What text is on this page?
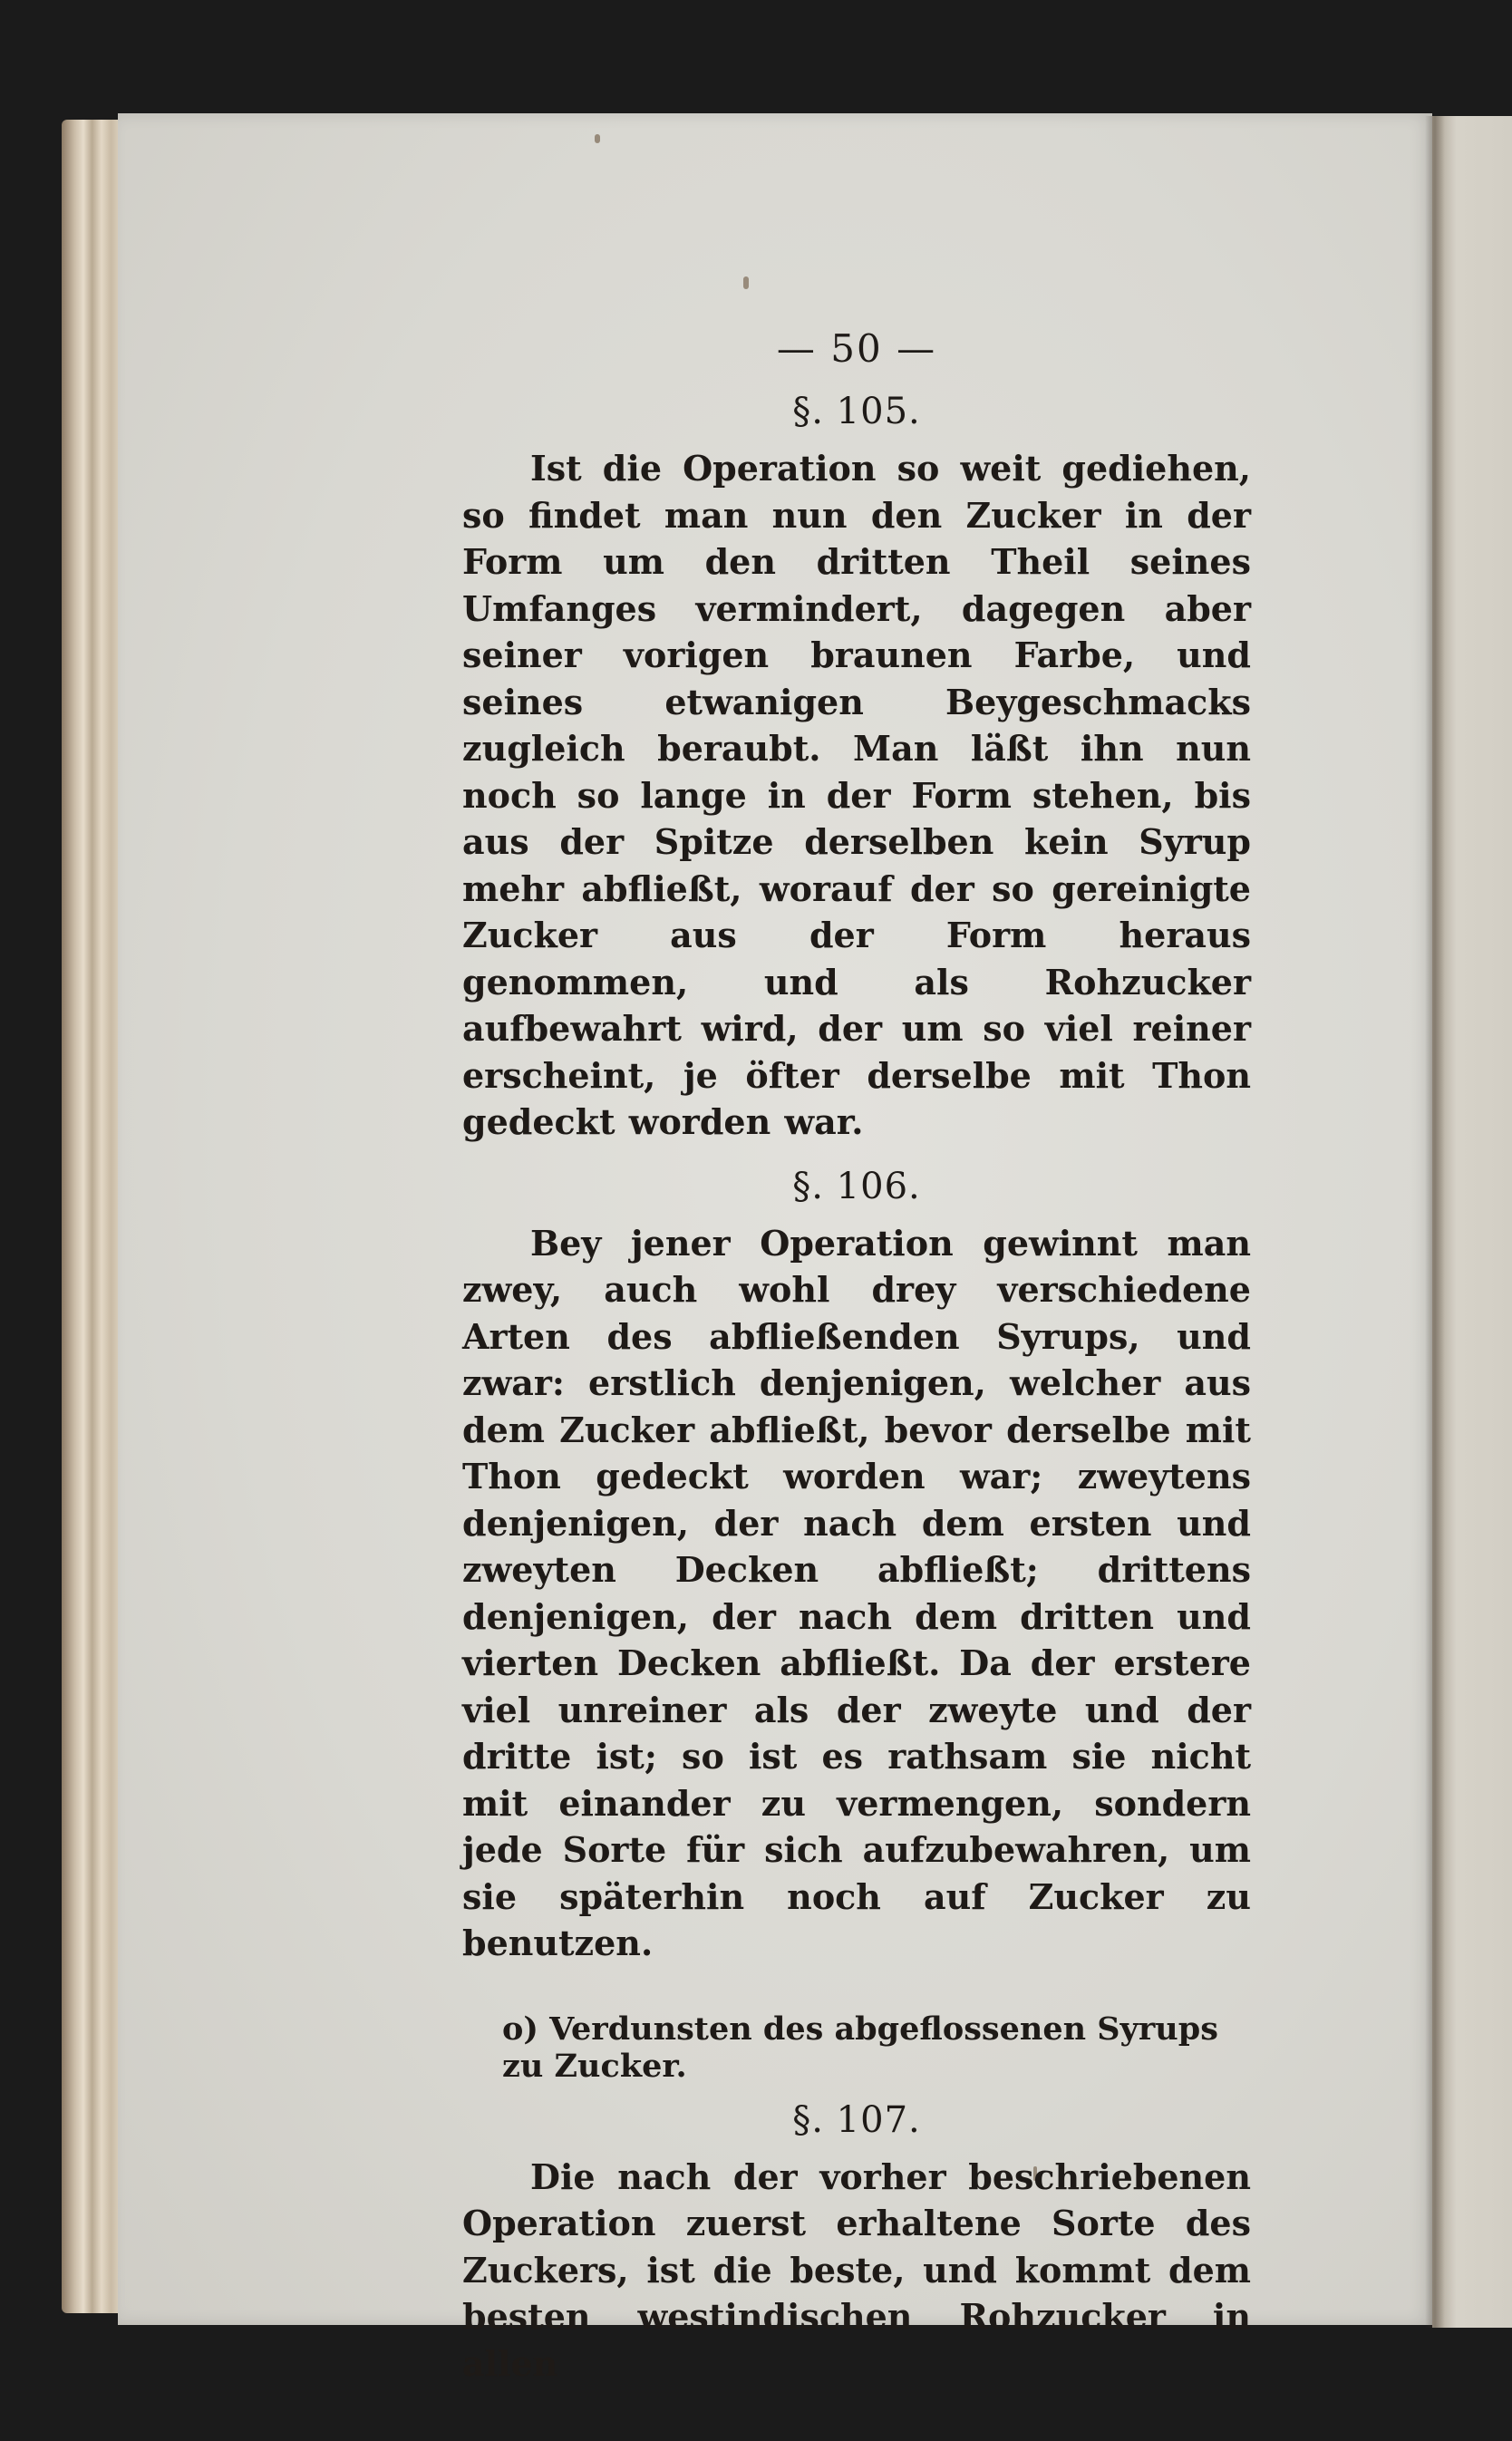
— 50 —
§. 105.

Ist die Operation so weit gediehen, so findet man nun den Zucker in der Form um den dritten Theil seines Umfanges vermindert, dagegen aber seiner vorigen braunen Farbe, und seines etwanigen Beygeschmacks zugleich beraubt. Man läßt ihn nun noch so lange in der Form stehen, bis aus der Spitze derselben kein Syrup mehr abfließt, worauf der so gereinigte Zucker aus der Form heraus genommen, und als Rohzucker aufbewahrt wird, der um so viel reiner erscheint, je öfter derselbe mit Thon gedeckt worden war.

§. 106.

Bey jener Operation gewinnt man zwey, auch wohl drey verschiedene Arten des abfließenden Syrups, und zwar: erstlich denjenigen, welcher aus dem Zucker abfließt, bevor derselbe mit Thon gedeckt worden war; zweytens denjenigen, der nach dem ersten und zweyten Decken abfließt; drittens denjenigen, der nach dem dritten und vierten Decken abfließt. Da der erstere viel unreiner als der zweyte und der dritte ist; so ist es rathsam sie nicht mit einander zu vermengen, sondern jede Sorte für sich aufzubewahren, um sie späterhin noch auf Zucker zu benutzen.

o) Verdunsten des abgeflossenen Syrups zu Zucker.
§. 107.

Die nach der vorher beschriebenen Operation zuerst erhaltene Sorte des Zuckers, ist die beste, und kommt dem besten westindischen Rohzucker in allen
